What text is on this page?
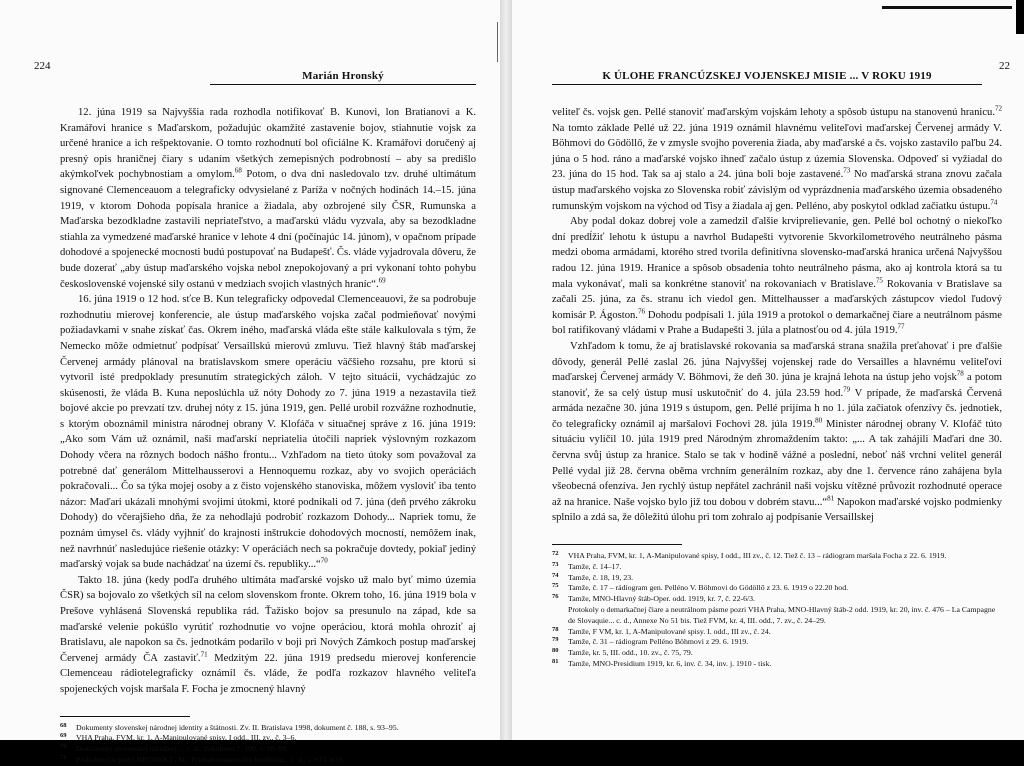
224
Marián Hronský

12. júna 1919 sa Najvyššia rada rozhodla notifikovať B. Kunovi, lon Bratianovi a K. Kramářovi hranice s Maďarskom, požadujúc okamžité zastavenie bojov, stiahnutie vojsk za určené hranice a ich rešpektovanie. O tomto rozhodnutí bol oficiálne K. Kramářovi doručený aj presný opis hraničnej čiary s udaním všetkých zemepisných podrobností – aby sa predišlo akýmkoľvek pochybnostiam a omylom.$^{68}$ Potom, o dva dni nasledovalo tzv. druhé ultimátum signované Clemenceauom a telegraficky odvysielané z Paríža v nočných hodinách 14.–15. júna 1919, v ktorom Dohoda popísala hranice a žiadala, aby ozbrojené sily ČSR, Rumunska a Maďarska bezodkladne zastavili nepriateľstvo, a maďarskú vládu vyzvala, aby sa bezodkladne stiahla za vymedzené maďarské hranice v lehote 4 dní (počínajúc 14. júnom), v opačnom prípade dohodové a spojenecké mocnosti budú postupovať na Budapešť. Čs. vláde vyjadrovala dôveru, že bude dozerať „aby ústup maďarského vojska nebol znepokojovaný a pri vykonaní tohto pohybu československé vojenské sily ostanú v medziach svojich vlastných hraníc“.$^{69}$

16. júna 1919 o 12 hod. sťce B. Kun telegraficky odpovedal Clemenceauovi, že sa podrobuje rozhodnutiu mierovej konferencie, ale ústup maďarského vojska začal podmieňovať novými požiadavkami v snahe získať čas. Okrem iného, maďarská vláda ešte stále kalkulovala s tým, že Nemecko môže odmietnuť podpísať Versaillskú mierovú zmluvu. Tiež hlavný štáb maďarskej Červenej armády plánoval na bratislavskom smere operáciu väčšieho rozsahu, pre ktorú si vytvoril isté predpoklady presunutím strategických záloh. V tejto situácii, vychádzajúc zo skúsenosti, že vláda B. Kuna neposlúchla už nóty Dohody zo 7. júna 1919 a nezastavila tiež bojové akcie po prevzatí tzv. druhej nóty z 15. júna 1919, gen. Pellé urobil rozvážne rozhodnutie, s ktorým oboznámil ministra národnej obrany V. Klofáča v situačnej správe z 16. júna 1919: „Ako som Vám už oznámil, naši maďarskí nepriatelia útočili napriek výslovným rozkazom Dohody včera na rôznych bodoch nášho frontu... Vzhľadom na tieto útoky som považoval za potrebné dať generálom Mittelhausserovi a Hennoquemu rozkaz, aby vo svojich operáciách pokračovali... Čo sa týka mojej osoby a z čisto vojenského stanoviska, môžem vysloviť iba tento názor: Maďari ukázali mnohými svojimi útokmi, ktoré podnikali od 7. júna (deň prvého zákroku Dohody) do včerajšieho dňa, že za nehodlajú podrobiť rozkazom Dohody... Napriek tomu, že poznám úmysel čs. vlády vyjhniť do krajnosti inštrukcie dohodových mocností, nemôžem inak, než navrhnúť nasledujúce riešenie otázky: V operáciách nech sa pokračuje dovtedy, pokiaľ jediný maďarský vojak sa bude nachádzať na území čs. republiky...“$^{70}$

Takto 18. júna (kedy podľa druhého ultimáta maďarské vojsko už malo byť mimo územia ČSR) sa bojovalo zo všetkých síl na celom slovenskom fronte. Okrem toho, 16. júna 1919 bola v Prešove vyhlásená Slovenská republika rád. Ťažisko bojov sa presunulo na západ, kde sa maďarské velenie pokúšlo vyrútiť rozhodnutie vo vojne operáciou, ktorá mohla ohroziť aj Bratislavu, ale napokon sa čs. jednotkám podarilo v boji pri Nových Zámkoch postup maďarskej Červenej armády ČA zastaviť.$^{71}$ Medzitým 22. júna 1919 predsedu mierovej konferencie Clemenceau rádiotelegraficky oznámil čs. vláde, že podľa rozkazov hlavného veliteľa spojeneckých vojsk maršala F. Focha je zmocnený hlavný

68 Dokumenty slovenskej národnej identity a štátnosti. Zv. II. Bratislava 1998, dokument č. 188, s. 93–95.
69 VHA Praha, FVM, kr. 1, A-Manipulované spisy, I odd., III. zv., č. 3–6.
70 Dokumenty slovenskej národnej ... c. d., dokument č. 190, s. 98–99.
71 Podrobnejšie pozri HRONSKÝ, M.: Priebeh vojenského konfliktu... c. d., s. 615–618.
22
K ÚLOHE FRANCÚZSKEJ VOJENSKEJ MISIE ... V ROKU 1919

veliteľ čs. vojsk gen. Pellé stanoviť maďarským vojskám lehoty a spôsob ústupu na stanovenú hranicu.$^{72}$ Na tomto základe Pellé už 22. júna 1919 oznámil hlavnému veliteľovi maďarskej Červenej armády V. Böhmovi do Gödöllő, že v zmysle svojho poverenia žiada, aby maďarské a čs. vojsko zastavilo paľbu 24. júna o 5 hod. ráno a maďarské vojsko ihneď začalo ústup z územia Slovenska. Odpoveď si vyžiadal do 23. júna do 15 hod. Tak sa aj stalo a 24. júna boli boje zastavené.$^{73}$ No maďarská strana znovu začala ústup maďarského vojska zo Slovenska robiť závislým od vyprázdnenia maďarského územia obsadeného rumunským vojskom na východ od Tisy a žiadala aj gen. Pelléno, aby poskytol odklad začiatku ústupu.$^{74}$

Aby podal dokaz dobrej vole a zamedzil ďalšie krviprelievanie, gen. Pellé bol ochotný o niekoľko dní predĺžiť lehotu k ústupu a navrhol Budapešti vytvorenie 5kvorkilometrového neutrálneho pásma medzi oboma armádami, ktorého stred tvorila definitívna slovensko-maďarská hranica určená Najvyššou radou 12. júna 1919. Hranice a spôsob obsadenia tohto neutrálneho pásma, ako aj kontrola ktorá sa tu mala vykonávať, mali sa konkrétne stanoviť na rokovaniach v Bratislave.$^{75}$ Rokovania v Bratislave sa začali 25. júna, za čs. stranu ich viedol gen. Mittelhausser a maďarských zástupcov viedol ľudový komisár P. Ágoston.$^{76}$ Dohodu podpísali 1. júla 1919 a protokol o demarkačnej čiare a neutrálnom pásme bol ratifikovaný vládami v Prahe a Budapešti 3. júla a platnosťou od 4. júla 1919.77

Vzhľadom k tomu, že aj bratislavské rokovania sa maďarská strana snažila preťahovať i pre ďalšie dôvody, generál Pellé zaslal 26. júna Najvyššej vojenskej rade do Versailles a hlavnému veliteľovi maďarskej Červenej armády V. Böhmovi, že deň 30. júna je krajná lehota na ústup jeho vojsk$^{78}$ a potom stanoviť, že sa celý ústup musí uskutočniť do 4. júla 23.59 hod.$^{79}$ V prípade, že maďarská Červená armáda nezačne 30. júna 1919 s ústupom, gen. Pellé prijíma h no 1. júla začiatok ofenzívy čs. jednotiek, čo telegraficky oznámil aj maršalovi Fochovi 28. júla 1919.80 Minister národnej obrany V. Klofáč túto situáciu vyličil 10. júla 1919 pred Národným zhromaždením takto: „... A tak zahájili Maďari dne 30. června svůj ústup za hranice. Stalo se tak v hodině vážné a poslední, neboť náš vrchní velitel generál Pellé vydal již 28. června oběma vrchním generálním rozkaz, aby dne 1. července ráno zahájena byla všeobecná ofenzíva. Jen rychlý ústup nepřátel zachránil naši vojsku vítězné průvozit rozhodnuté operace až na hranice. Naše vojsko bylo již tou dobou v dobrém stavu...“$^{81}$ Napokon maďarské vojsko podmienky splnilo a zdá sa, že dôležitú úlohu pri tom zohralo aj podpísanie Versaillskej

72 VHA Praha, FVM, kr. 1, A-Manipulované spisy, I odd., III zv., č. 12. Tiež č. 13 – rádiogram maršala Focha z 22. 6. 1919.
73 Tamže, č. 14–17.
74 Tamže, č. 18, 19, 23.
75 Tamže, č. 17 – rádiogram gen. Pelléno V. Böhmovi do Gödöllő z 23. 6. 1919 o 22.20 hod.
76 Tamže, MNO-Hlavný štáb-Oper. odd. 1919, kr. 7, č. 22-6/3.
Protokoly o demarkačnej čiare a neutrálnom pásme pozri VHA Praha, MNO-Hlavný štáb-2 odd. 1919, kr. 20, inv. č. 476 – La Campagne de Slovaquie... c. d., Annexe No 51 bis. Tiež FVM, kr. 4, III. odd., 7. zv., č. 24–29.
78 Tamže, F VM, kr. 1, A-Manipulované spisy. I. odd., III zv., č. 24.
79 Tamže, č. 31 – rádiogram Pelléno Böhmovi z 29. 6. 1919.
80 Tamže, kr. 5, III. odd., 10. zv., č. 75, 79.
81 Tamže, MNO-Presidium 1919, kr. 6, inv. č. 34, inv. j. 1910 - tisk.
